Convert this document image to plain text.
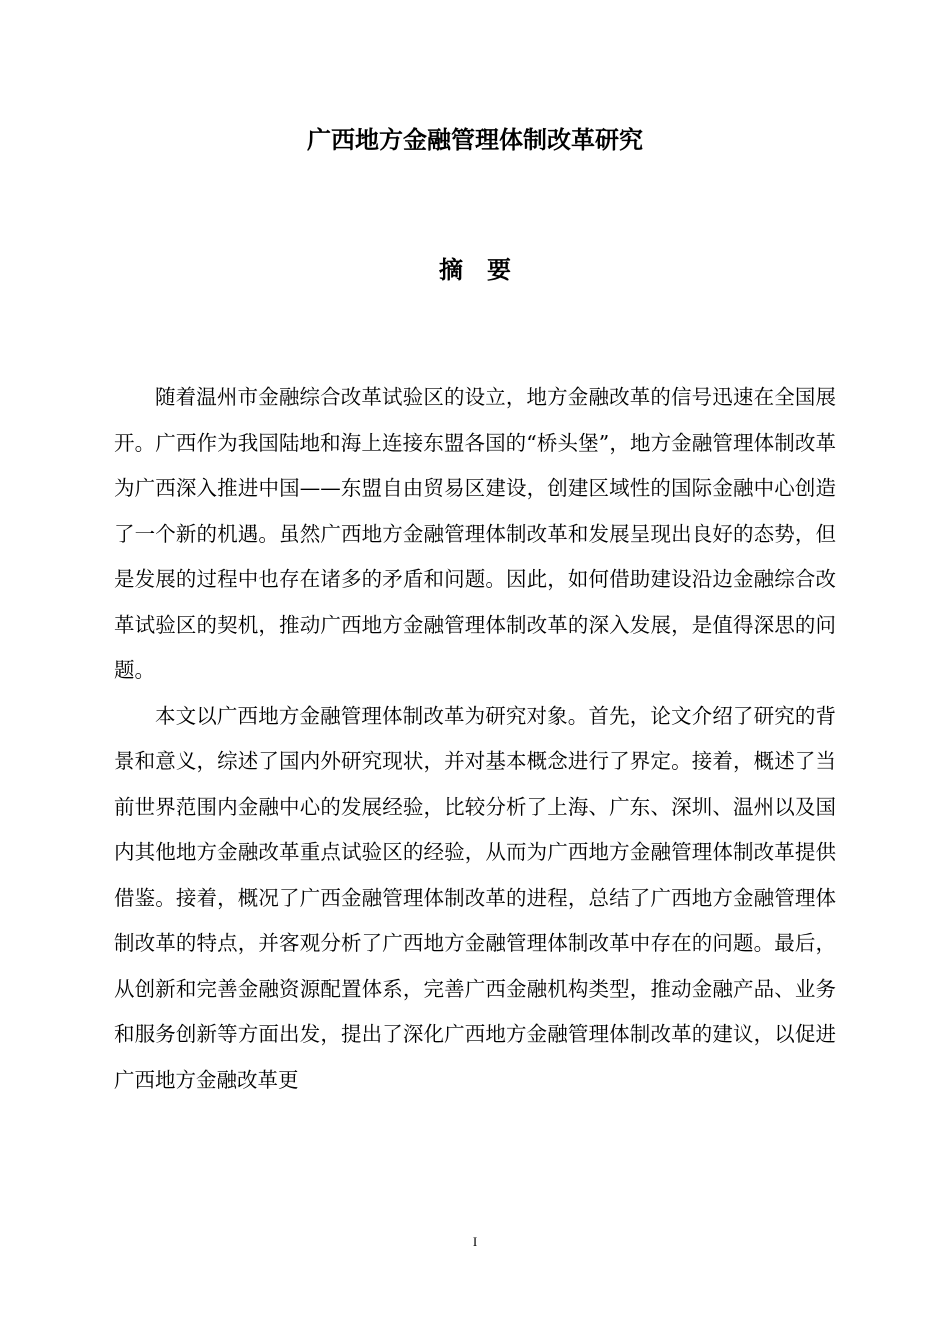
广西地方金融管理体制改革研究
摘要

随着温州市金融综合改革试验区的设立，地方金融改革的信号迅速在全国展开。广西作为我国陆地和海上连接东盟各国的“桥头堡”，地方金融管理体制改革为广西深入推进中国——东盟自由贸易区建设，创建区域性的国际金融中心创造了一个新的机遇。虽然广西地方金融管理体制改革和发展呈现出良好的态势，但是发展的过程中也存在诸多的矛盾和问题。因此，如何借助建设沿边金融综合改革试验区的契机，推动广西地方金融管理体制改革的深入发展，是值得深思的问题。

本文以广西地方金融管理体制改革为研究对象。首先，论文介绍了研究的背景和意义，综述了国内外研究现状，并对基本概念进行了界定。接着，概述了当前世界范围内金融中心的发展经验，比较分析了上海、广东、深圳、温州以及国内其他地方金融改革重点试验区的经验，从而为广西地方金融管理体制改革提供借鉴。接着，概况了广西金融管理体制改革的进程，总结了广西地方金融管理体制改革的特点，并客观分析了广西地方金融管理体制改革中存在的问题。最后，从创新和完善金融资源配置体系，完善广西金融机构类型，推动金融产品、业务和服务创新等方面出发，提出了深化广西地方金融管理体制改革的建议，以促进广西地方金融改革更

I
